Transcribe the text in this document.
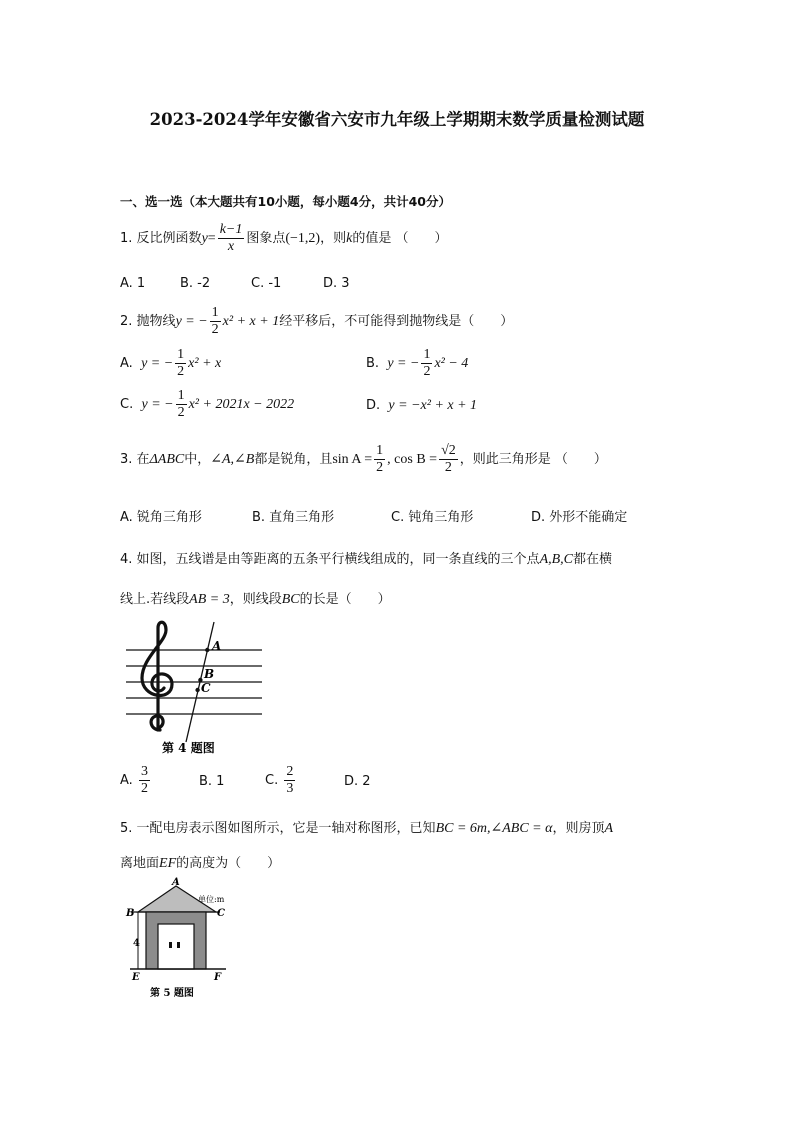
2023-2024学年安徽省六安市九年级上学期期末数学质量检测试题
一、选一选（本大题共有10小题，每小题4分，共计40分）
1. 反比例函数$y= \frac{k-1}{x}$ 图象点(−1,2)，则k的值是 （　　）
A. 1	B. -2	C. -1	D. 3
2. 抛物线y = − $\frac{1}{2} x^2 + x + 1$经平移后，不可能得到抛物线是（　　）
A. y = − $\frac{1}{2} x^2 + x$	B. y = − $\frac{1}{2} x^2 - 4$
C. y = − $\frac{1}{2} x^2 + 2021x - 2022$	D. y = −x² + x + 1
3. 在ΔABC中，∠A,∠B都是锐角，且$\sin A = \frac{1}{2}$ , $\cos B = \frac{√2}{2}$ ，则此三角形是 （　　）
A. 锐角三角形	B. 直角三角形	C. 钝角三角形	D. 外形不能确定
4. 如图，五线谱是由等距离的五条平行横线组成的，同一条直线的三个点A,B,C都在横
线上.若线段AB = 3，则线段BC的长是（　　）
A
B
C
第 4 题图
A. $\frac{3}{2}$	B. 1	C. $\frac{2}{3}$	D. 2
5. 一配电房表示图如图所示，它是一轴对称图形，已知BC = 6m,∠ABC = α，则房顶A
离地面EF的高度为（　　）
4
A
B	C
E	F
单位:m
第 5 题图
